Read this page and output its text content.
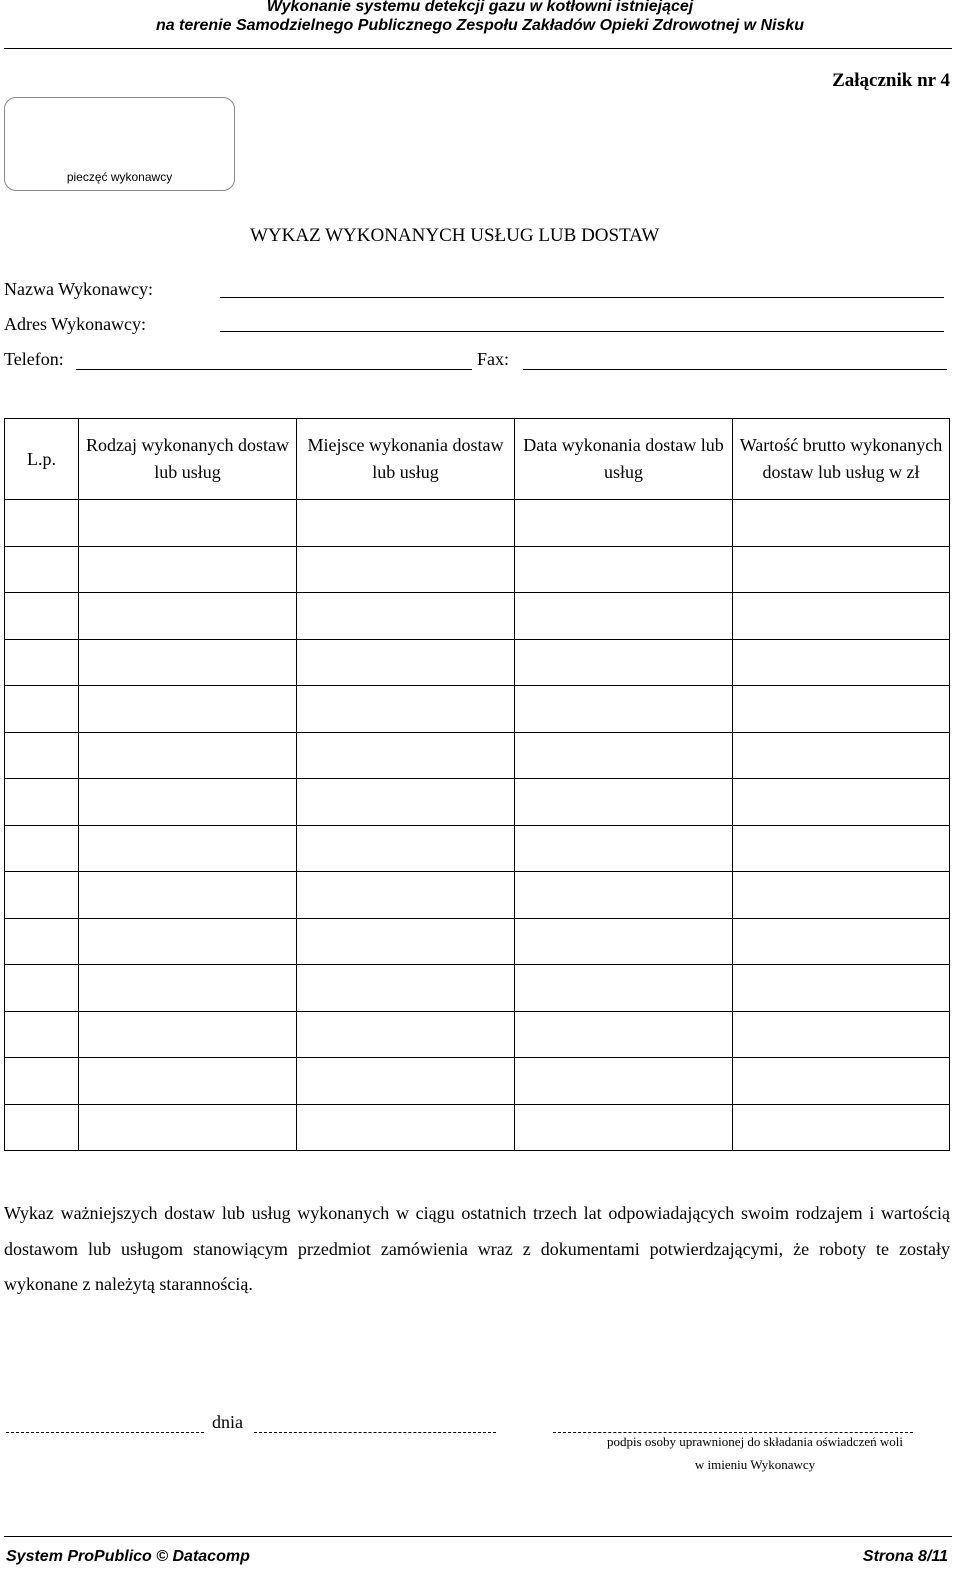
Wykonanie systemu detekcji gazu w kotłowni istniejącej
na terenie Samodzielnego Publicznego Zespołu Zakładów Opieki Zdrowotnej w Nisku
Załącznik nr 4
pieczęć wykonawcy
WYKAZ WYKONANYCH USŁUG LUB DOSTAW
Nazwa Wykonawcy:
Adres Wykonawcy:
Telefon:	Fax:
L.p.	Rodzaj wykonanych dostaw lub usług	Miejsce wykonania dostaw lub usług	Data wykonania dostaw lub usług	Wartość brutto wykonanych dostaw lub usług w zł

Wykaz ważniejszych dostaw lub usług wykonanych w ciągu ostatnich trzech lat odpowiadających swoim rodzajem i wartością dostawom lub usługom stanowiącym przedmiot zamówienia wraz z dokumentami potwierdzającymi, że roboty te zostały wykonane z należytą starannością.
dnia
podpis osoby uprawnionej do składania oświadczeń woli
w imieniu Wykonawcy
System ProPublico © Datacomp	Strona 8/11
